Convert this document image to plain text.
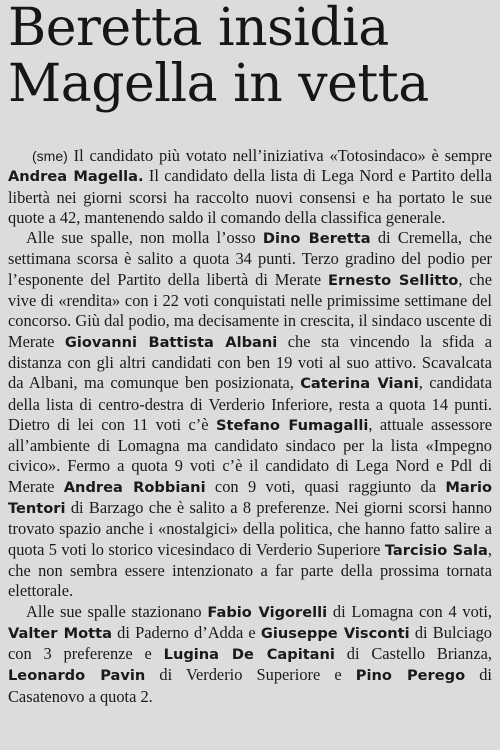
Beretta insidia
Magella in vetta

(sme) Il candidato più votato nell’iniziativa «Totosindaco» è sempre Andrea Magella. Il candidato della lista di Lega Nord e Partito della libertà nei giorni scorsi ha raccolto nuovi consensi e ha portato le sue quote a 42, mantenendo saldo il comando della classifica generale.

Alle sue spalle, non molla l’osso Dino Beretta di Cremella, che settimana scorsa è salito a quota 34 punti. Terzo gradino del podio per l’esponente del Partito della libertà di Merate Ernesto Sellitto, che vive di «rendita» con i 22 voti conquistati nelle primissime settimane del concorso. Giù dal podio, ma decisamente in crescita, il sindaco uscente di Merate Giovanni Battista Albani che sta vincendo la sfida a distanza con gli altri candidati con ben 19 voti al suo attivo. Scavalcata da Albani, ma comunque ben posizionata, Caterina Viani, candidata della lista di centro-destra di Verderio Inferiore, resta a quota 14 punti. Dietro di lei con 11 voti c’è Stefano Fumagalli, attuale assessore all’ambiente di Lomagna ma candidato sindaco per la lista «Impegno civico». Fermo a quota 9 voti c’è il candidato di Lega Nord e Pdl di Merate Andrea Robbiani con 9 voti, quasi raggiunto da Mario Tentori di Barzago che è salito a 8 preferenze. Nei giorni scorsi hanno trovato spazio anche i «nostalgici» della politica, che hanno fatto salire a quota 5 voti lo storico vicesindaco di Verderio Superiore Tarcisio Sala, che non sembra essere intenzionato a far parte della prossima tornata elettorale.

Alle sue spalle stazionano Fabio Vigorelli di Lomagna con 4 voti, Valter Motta di Paderno d’Adda e Giuseppe Visconti di Bulciago con 3 preferenze e Lugina De Capitani di Castello Brianza, Leonardo Pavin di Verderio Superiore e Pino Perego di Casatenovo a quota 2.
